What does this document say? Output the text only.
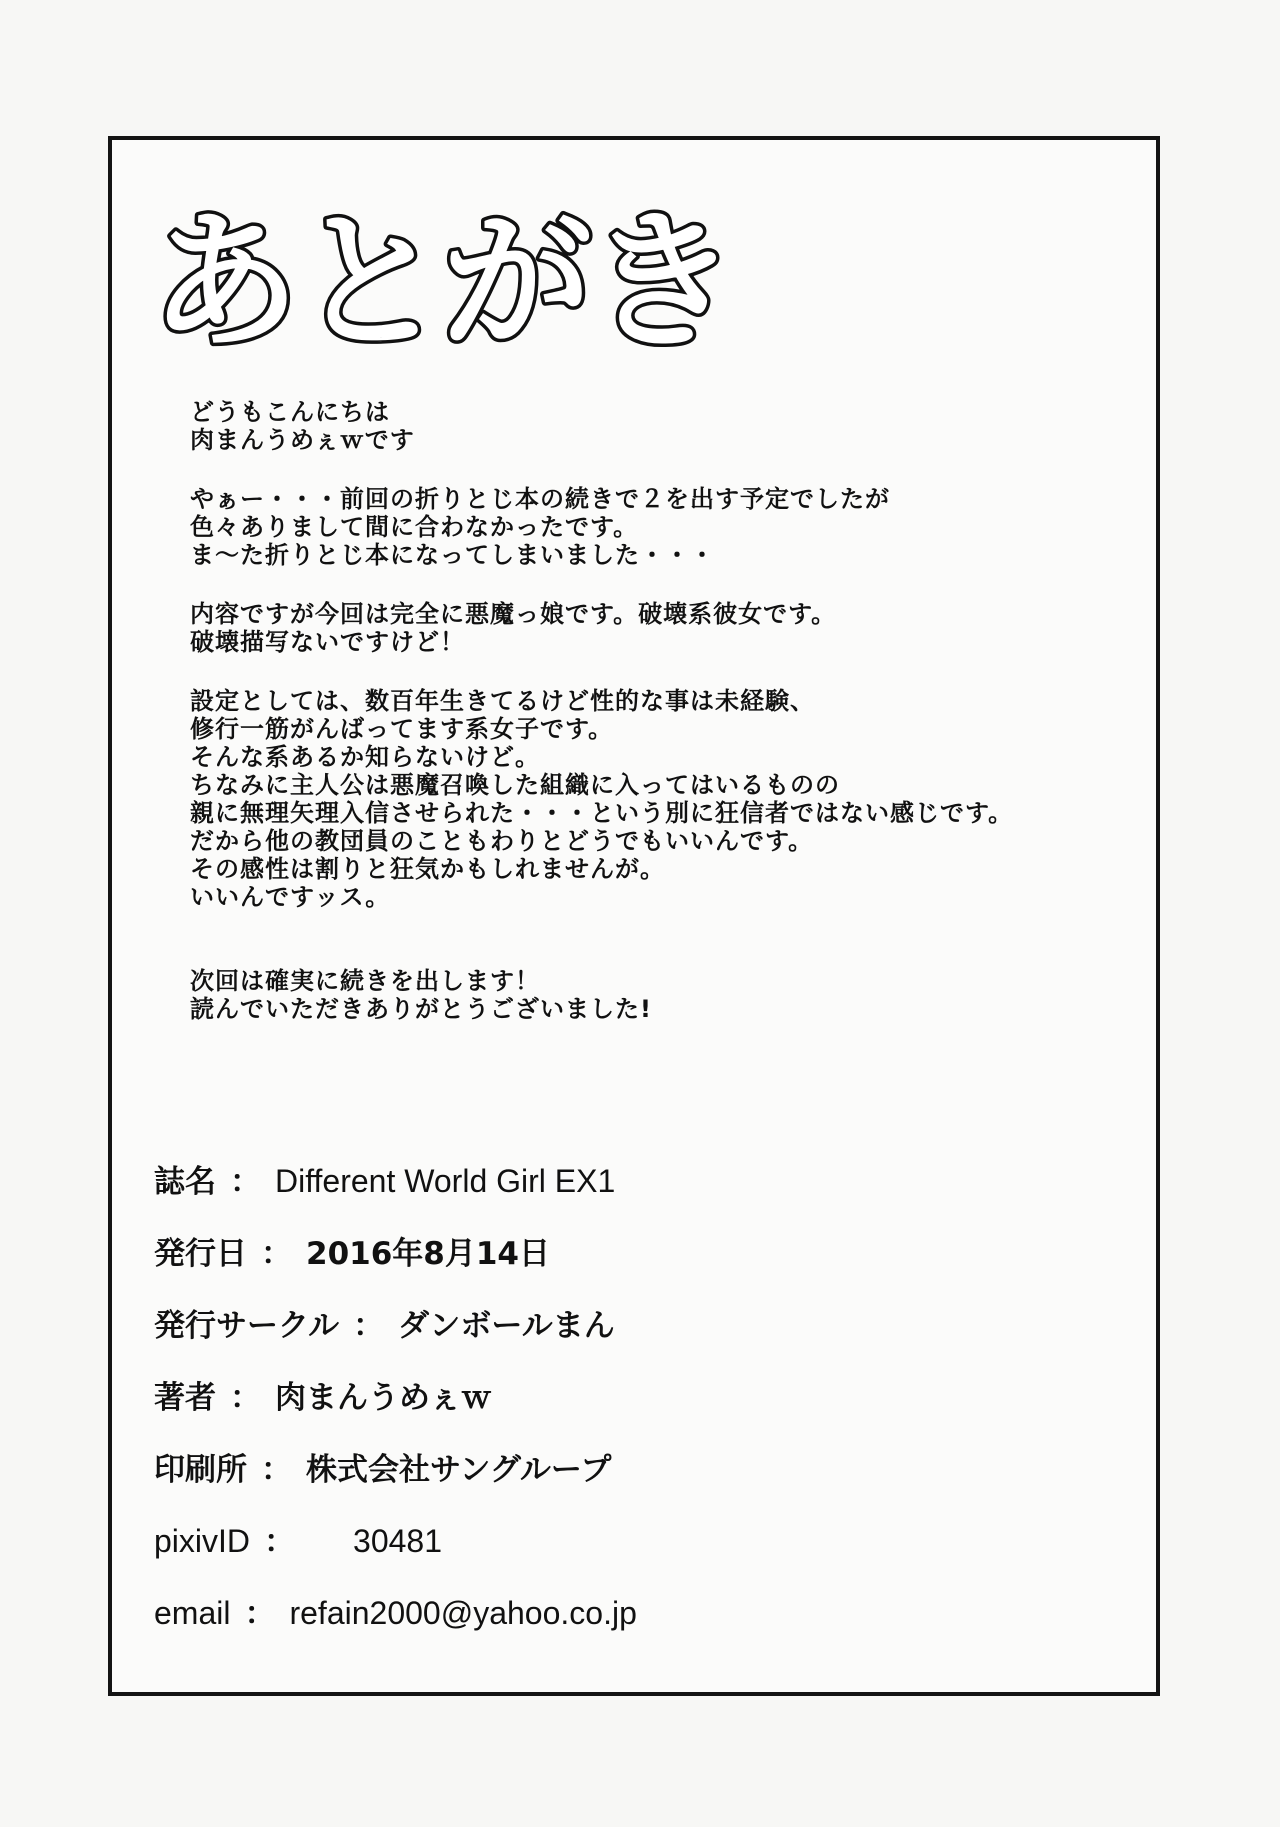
あとがき
どうもこんにちは
肉まんうめぇｗです
やぁー・・・前回の折りとじ本の続きで２を出す予定でしたが
色々ありまして間に合わなかったです。
ま〜た折りとじ本になってしまいました・・・
内容ですが今回は完全に悪魔っ娘です。破壊系彼女です。
破壊描写ないですけど！
設定としては、数百年生きてるけど性的な事は未経験、
修行一筋がんばってます系女子です。
そんな系あるか知らないけど。
ちなみに主人公は悪魔召喚した組織に入ってはいるものの
親に無理矢理入信させられた・・・という別に狂信者ではない感じです。
だから他の教団員のこともわりとどうでもいいんです。
その感性は割りと狂気かもしれませんが。
いいんですッス。
次回は確実に続きを出します！
読んでいただきありがとうございました!
誌名 ： Different World Girl EX1
発行日 ： 2016年8月14日
発行サークル ： ダンボールまん
著者 ： 肉まんうめぇｗ
印刷所 ： 株式会社サングループ
pixivID ： 30481
email ： refain2000@yahoo.co.jp
